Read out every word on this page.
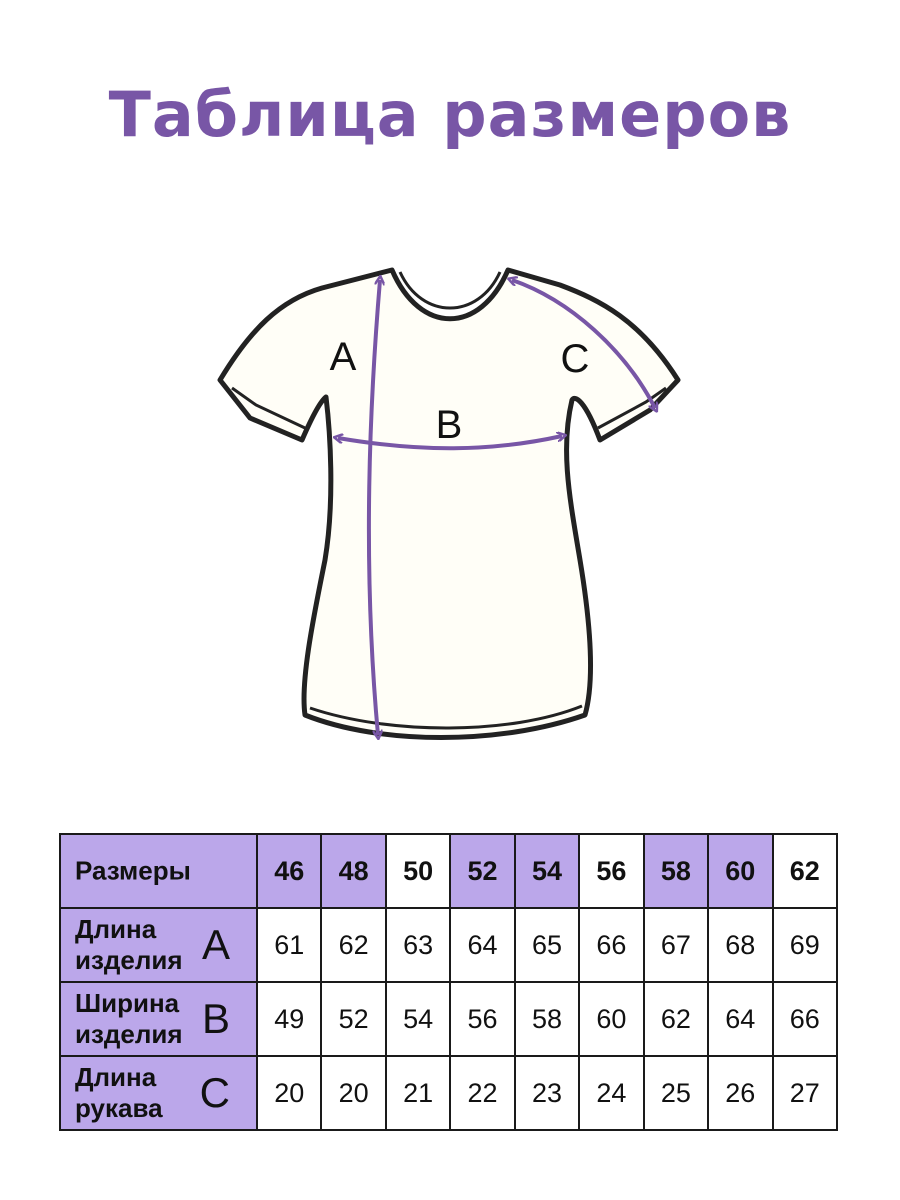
Таблица размеров
A
B
C
Размеры	46	48	50	52	54	56	58	60	62

Длина
изделия A	61	62	63	64	65	66	67	68	69

Ширина
изделия B	49	52	54	56	58	60	62	64	66

Длина
рукава C	20	20	21	22	23	24	25	26	27
